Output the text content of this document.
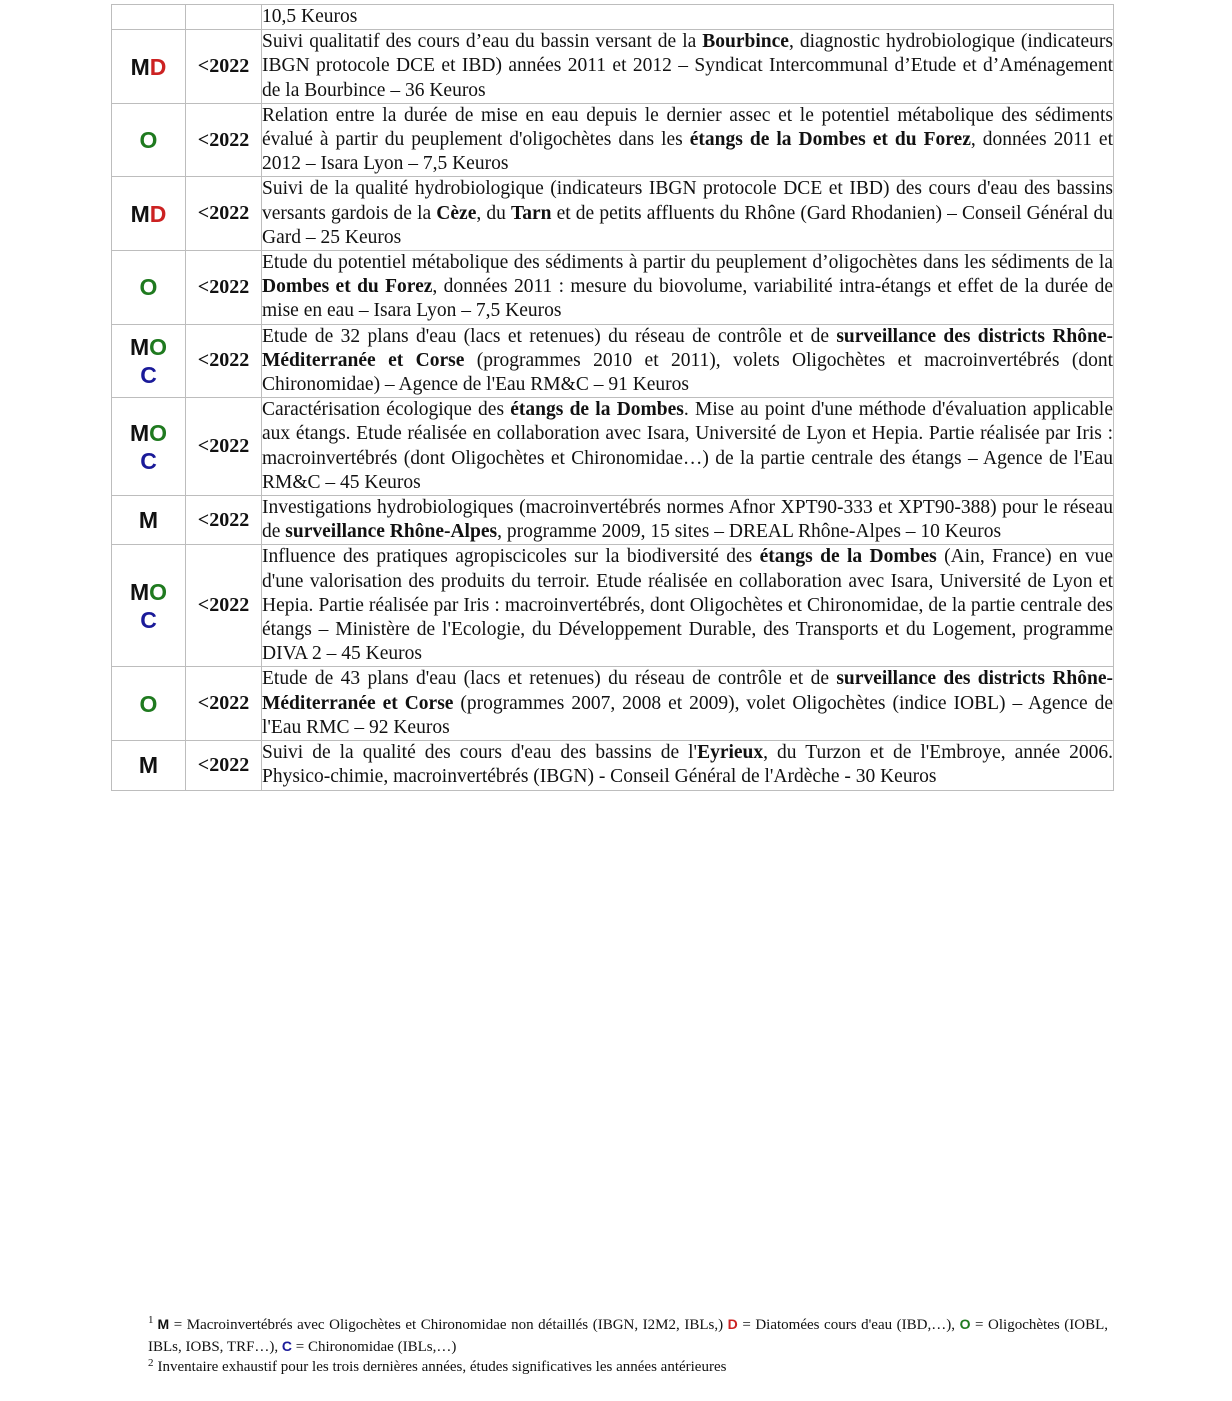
		10,5 Keuros

MD	<2022	Suivi qualitatif des cours d’eau du bassin versant de la Bourbince, diagnostic hydrobiologique (indicateurs IBGN protocole DCE et IBD) années 2011 et 2012 – Syndicat Intercommunal d’Etude et d’Aménagement de la Bourbince – 36 Keuros

O	<2022	Relation entre la durée de mise en eau depuis le dernier assec et le potentiel métabolique des sédiments évalué à partir du peuplement d'oligochètes dans les étangs de la Dombes et du Forez, données 2011 et 2012 – Isara Lyon – 7,5 Keuros

MD	<2022	Suivi de la qualité hydrobiologique (indicateurs IBGN protocole DCE et IBD) des cours d'eau des bassins versants gardois de la Cèze, du Tarn et de petits affluents du Rhône (Gard Rhodanien) – Conseil Général du Gard – 25 Keuros

O	<2022	Etude du potentiel métabolique des sédiments à partir du peuplement d’oligochètes dans les sédiments de la Dombes et du Forez, données 2011 : mesure du biovolume, variabilité intra-étangs et effet de la durée de mise en eau – Isara Lyon – 7,5 Keuros

MO
C	<2022	Etude de 32 plans d'eau (lacs et retenues) du réseau de contrôle et de surveillance des districts Rhône-Méditerranée et Corse (programmes 2010 et 2011), volets Oligochètes et macroinvertébrés (dont Chironomidae) – Agence de l'Eau RM&C – 91 Keuros

MO
C	<2022	Caractérisation écologique des étangs de la Dombes. Mise au point d'une méthode d'évaluation applicable aux étangs. Etude réalisée en collaboration avec Isara, Université de Lyon et Hepia. Partie réalisée par Iris : macroinvertébrés (dont Oligochètes et Chironomidae…) de la partie centrale des étangs – Agence de l'Eau RM&C – 45 Keuros

M	<2022	Investigations hydrobiologiques (macroinvertébrés normes Afnor XPT90-333 et XPT90-388) pour le réseau de surveillance Rhône-Alpes, programme 2009, 15 sites – DREAL Rhône-Alpes – 10 Keuros

MO
C	<2022	Influence des pratiques agropiscicoles sur la biodiversité des étangs de la Dombes (Ain, France) en vue d'une valorisation des produits du terroir. Etude réalisée en collaboration avec Isara, Université de Lyon et Hepia. Partie réalisée par Iris : macroinvertébrés, dont Oligochètes et Chironomidae, de la partie centrale des étangs – Ministère de l'Ecologie, du Développement Durable, des Transports et du Logement, programme DIVA 2 – 45 Keuros

O	<2022	Etude de 43 plans d'eau (lacs et retenues) du réseau de contrôle et de surveillance des districts Rhône-Méditerranée et Corse (programmes 2007, 2008 et 2009), volet Oligochètes (indice IOBL) – Agence de l'Eau RMC – 92 Keuros

M	<2022	Suivi de la qualité des cours d'eau des bassins de l'Eyrieux, du Turzon et de l'Embroye, année 2006. Physico-chimie, macroinvertébrés (IBGN) - Conseil Général de l'Ardèche - 30 Keuros
$^1$ M = Macroinvertébrés avec Oligochètes et Chironomidae non détaillés (IBGN, I2M2, IBLs,) D = Diatomées cours d'eau (IBD,…), O = Oligochètes (IOBL, IBLs, IOBS, TRF…), C = Chironomidae (IBLs,…)
$^2$ Inventaire exhaustif pour les trois dernières années, études significatives les années antérieures
